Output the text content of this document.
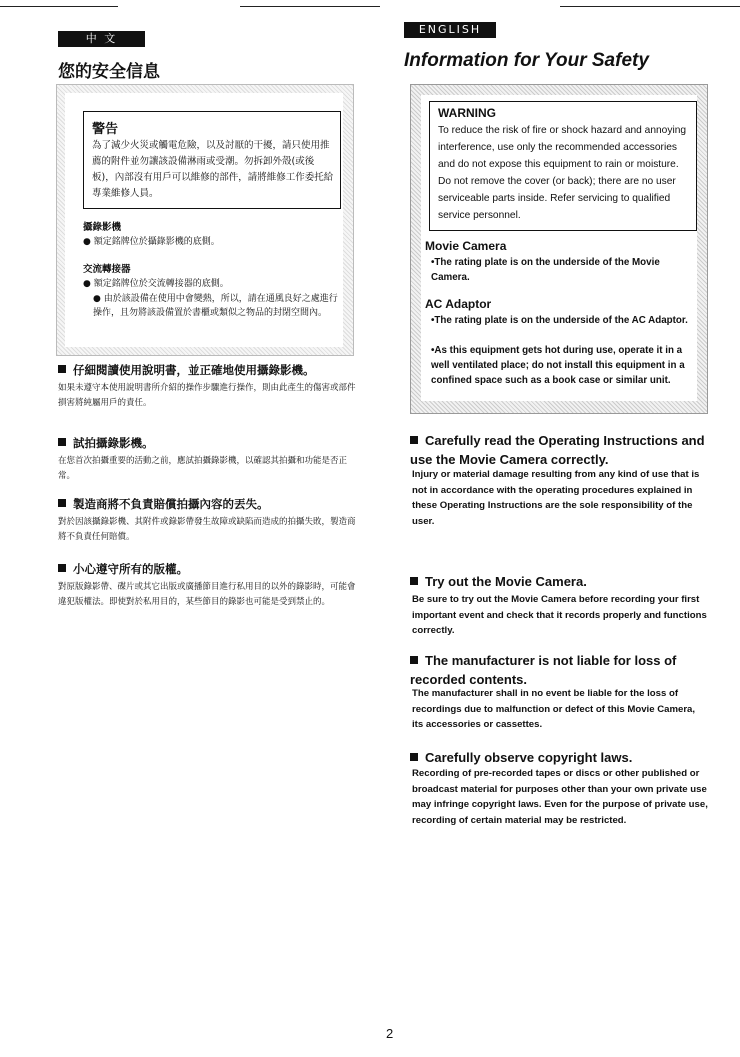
中 文
您的安全信息
警告
為了減少火災或觸電危險，以及討厭的干擾，請只使用推薦的附件並勿讓該設備淋雨或受潮。勿拆卸外殼(或後板)，內部沒有用戶可以維修的部件，請將維修工作委托給專業維修人員。
攝錄影機
● 額定銘牌位於攝錄影機的底側。
交流轉接器
● 額定銘牌位於交流轉接器的底側。
● 由於該設備在使用中會變熱，所以，請在通風良好之處進行操作，且勿將該設備置於書櫃或類似之物品的封閉空間內。
仔細閱讀使用說明書，並正確地使用攝錄影機。
如果未遵守本使用說明書所介紹的操作步驟進行操作，則由此產生的傷害或部件損害將純屬用戶的責任。
試拍攝錄影機。
在您首次拍攝重要的活動之前，應試拍攝錄影機，以確認其拍攝和功能是否正常。
製造商將不負責賠償拍攝內容的丟失。
對於因該攝錄影機、其附件或錄影帶發生故障或缺陷而造成的拍攝失敗，製造商將不負責任何賠償。
小心遵守所有的版權。
對原版錄影帶、碟片或其它出版或廣播節目進行私用目的以外的錄影時，可能會違犯版權法。即使對於私用目的，某些節目的錄影也可能是受到禁止的。
ENGLISH
Information for Your Safety
WARNING
To reduce the risk of fire or shock hazard and annoying interference, use only the recommended accessories and do not expose this equipment to rain or moisture. Do not remove the cover (or back); there are no user serviceable parts inside. Refer servicing to qualified service personnel.
Movie Camera
•The rating plate is on the underside of the Movie Camera.
AC Adaptor
•The rating plate is on the underside of the AC Adaptor.
•As this equipment gets hot during use, operate it in a well ventilated place; do not install this equipment in a confined space such as a book case or similar unit.
Carefully read the Operating Instructions and use the Movie Camera correctly.
Injury or material damage resulting from any kind of use that is not in accordance with the operating procedures explained in these Operating Instructions are the sole responsibility of the user.
Try out the Movie Camera.
Be sure to try out the Movie Camera before recording your first important event and check that it records properly and functions correctly.
The manufacturer is not liable for loss of recorded contents.
The manufacturer shall in no event be liable for the loss of recordings due to malfunction or defect of this Movie Camera, its accessories or cassettes.
Carefully observe copyright laws.
Recording of pre-recorded tapes or discs or other published or broadcast material for purposes other than your own private use may infringe copyright laws. Even for the purpose of private use, recording of certain material may be restricted.
2
